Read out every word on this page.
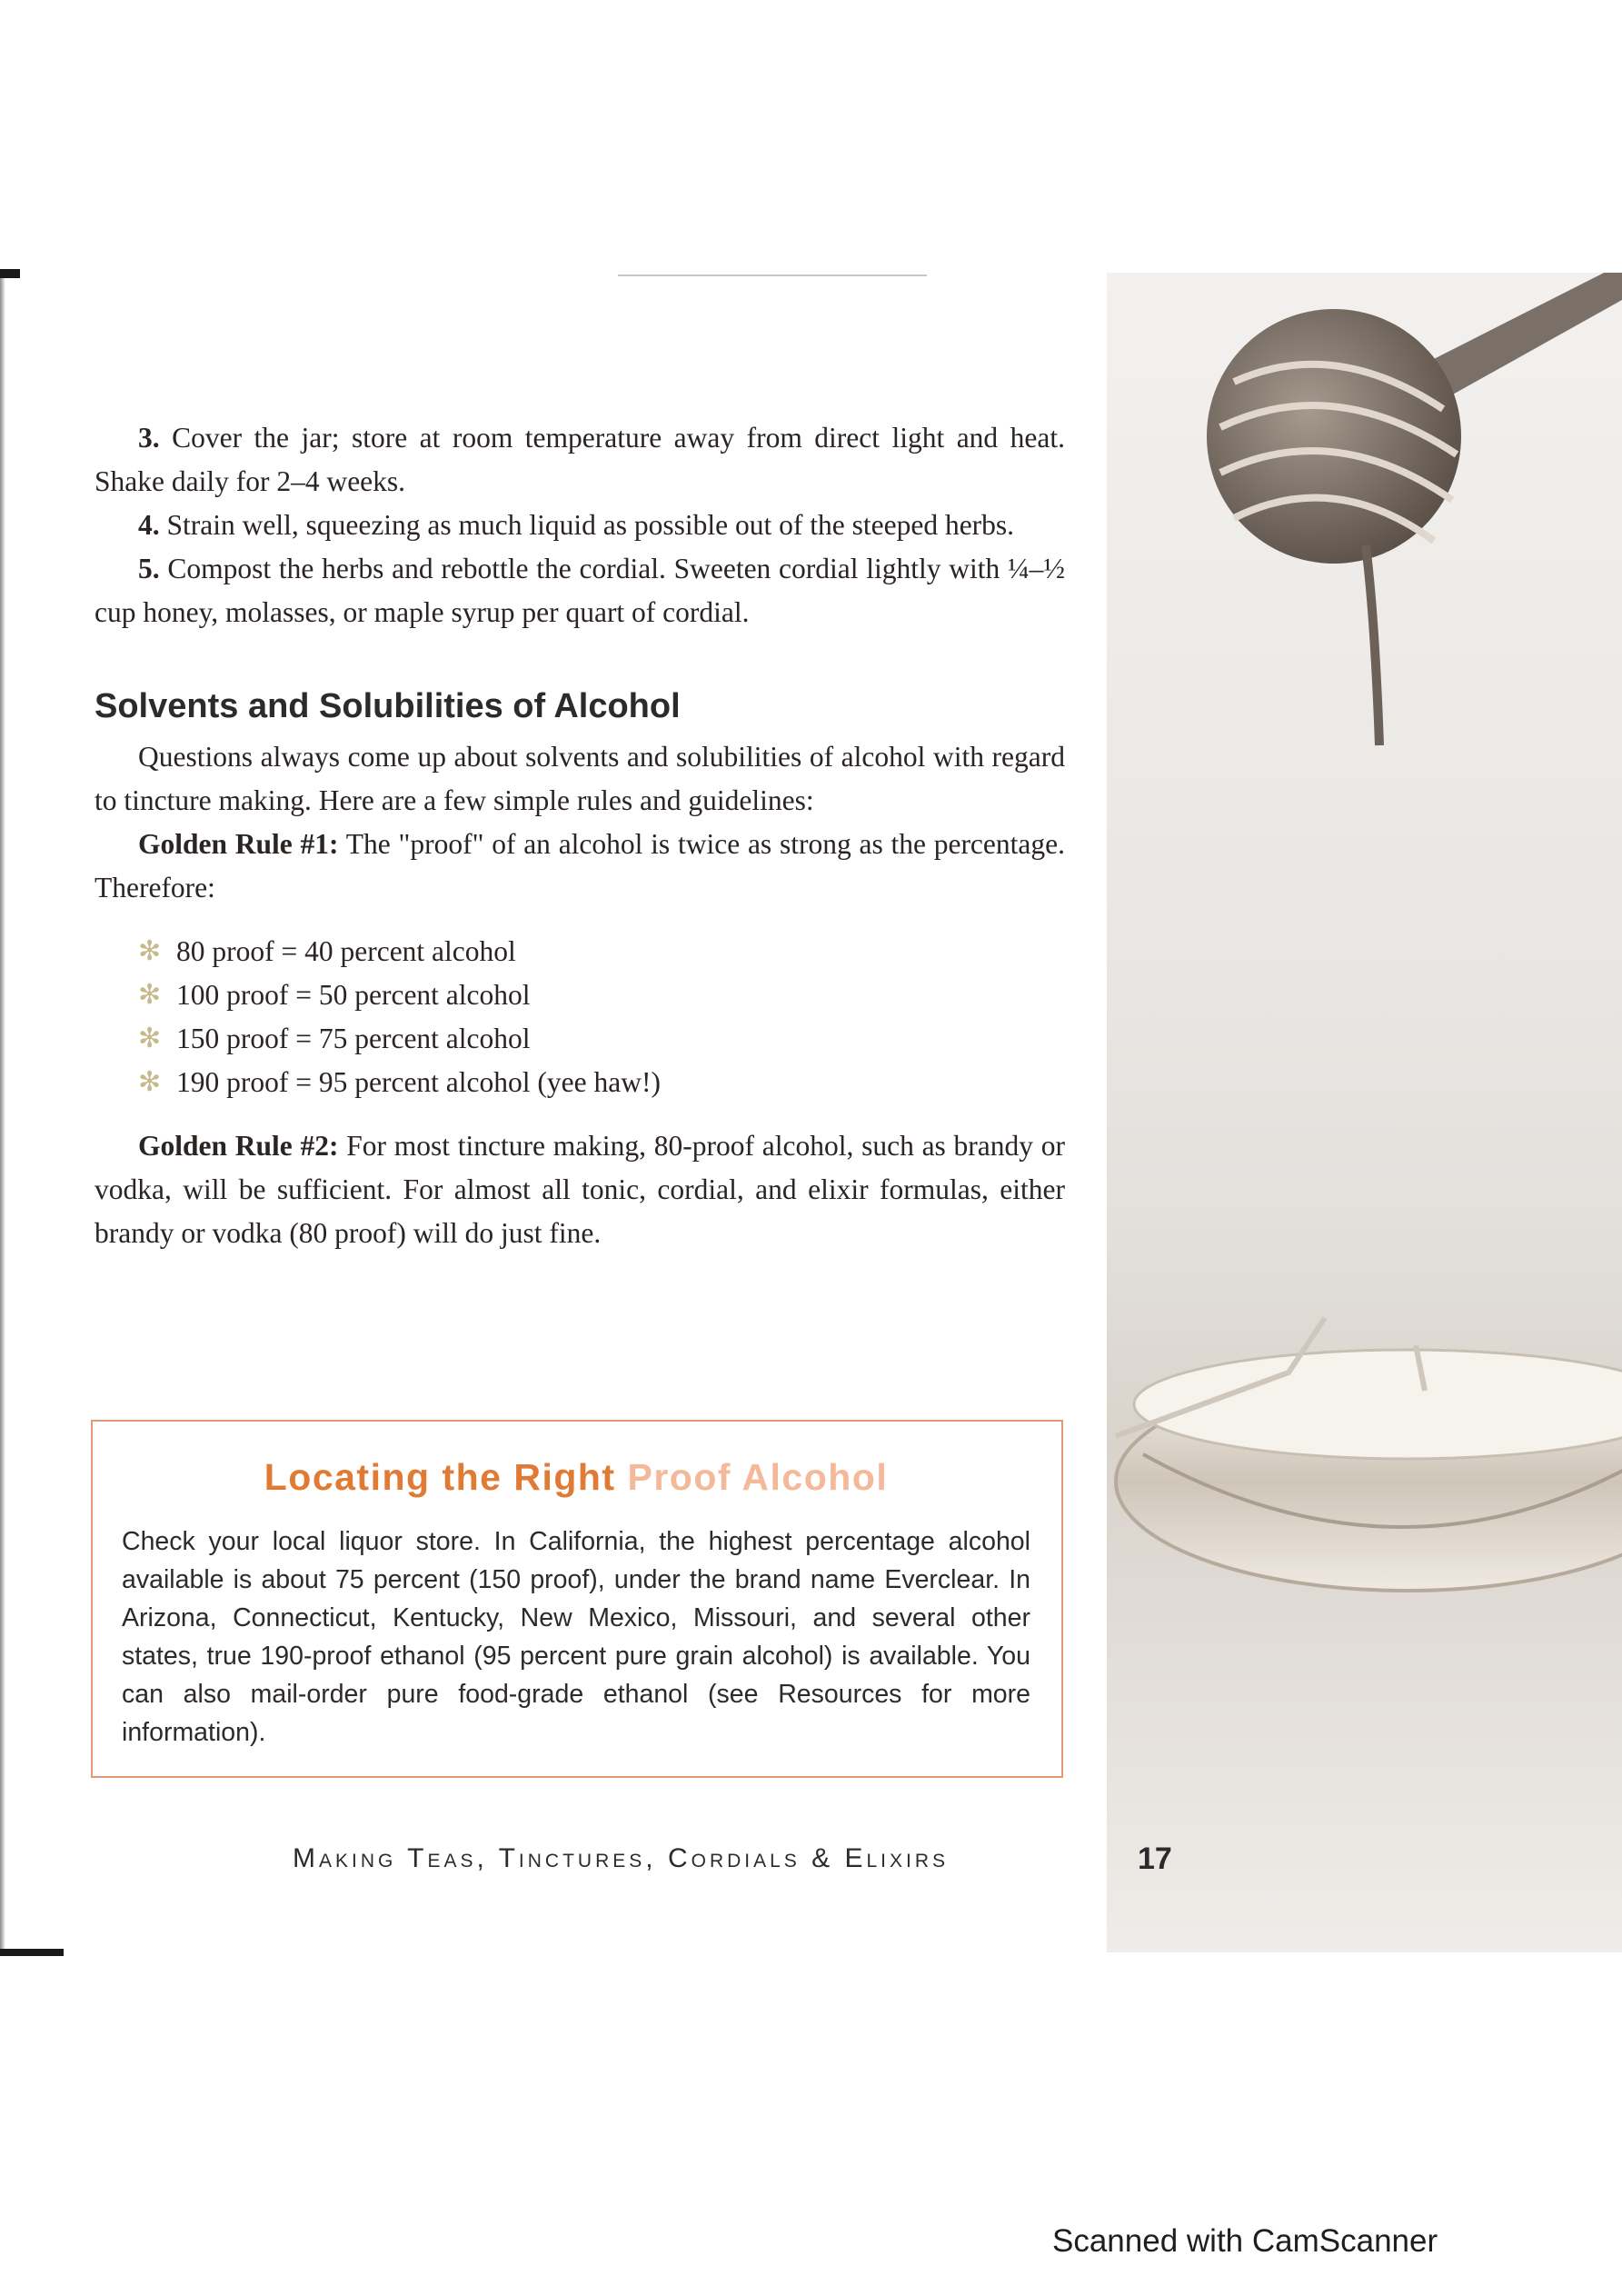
3. Cover the jar; store at room temperature away from direct light and heat. Shake daily for 2–4 weeks.

4. Strain well, squeezing as much liquid as possible out of the steeped herbs.

5. Compost the herbs and rebottle the cordial. Sweeten cordial lightly with ¼–½ cup honey, molasses, or maple syrup per quart of cordial.

Solvents and Solubilities of Alcohol

Questions always come up about solvents and solubilities of alcohol with regard to tincture making. Here are a few simple rules and guidelines:

Golden Rule #1: The "proof" of an alcohol is twice as strong as the percentage. Therefore:

✻ 80 proof = 40 percent alcohol
✻ 100 proof = 50 percent alcohol
✻ 150 proof = 75 percent alcohol
✻ 190 proof = 95 percent alcohol (yee haw!)

Golden Rule #2: For most tincture making, 80-proof alcohol, such as brandy or vodka, will be sufficient. For almost all tonic, cordial, and elixir formulas, either brandy or vodka (80 proof) will do just fine.

Locating the Right Proof Alcohol

Check your local liquor store. In California, the highest percentage alcohol available is about 75 percent (150 proof), under the brand name Everclear. In Arizona, Connecticut, Kentucky, New Mexico, Missouri, and several other states, true 190-proof ethanol (95 percent pure grain alcohol) is available. You can also mail-order pure food-grade ethanol (see Resources for more information).

Making Teas, Tinctures, Cordials & Elixirs	17
Scanned with CamScanner
